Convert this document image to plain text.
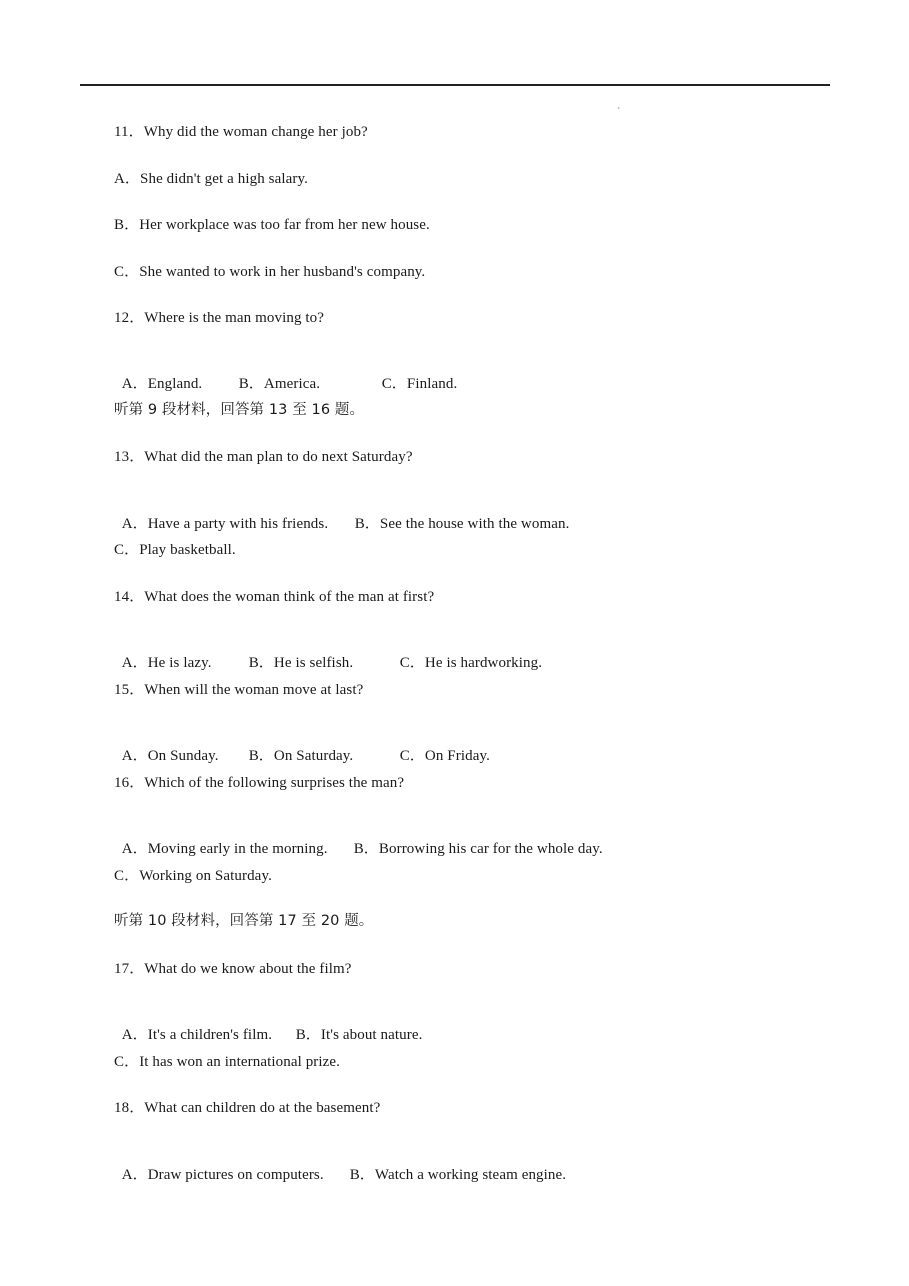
`
11．Why did the woman change her job?
A．She didn't get a high salary.
B．Her workplace was too far from her new house.
C．She wanted to work in her husband's company.
12．Where is the man moving to?

A．England. B．America.	C．Finland.

听第 9 段材料，回答第 13 至 16 题。
13．What did the man plan to do next Saturday?

A．Have a party with his friends. B．See the house with the woman.

C．Play basketball.
14．What does the woman think of the man at first?

A．He is lazy. B．He is selfish.	C．He is hardworking.

15．When will the woman move at last?

A．On Sunday. B．On Saturday.	C．On Friday.

16．Which of the following surprises the man?

A．Moving early in the morning. B．Borrowing his car for the whole day.

C．Working on Saturday.
听第 10 段材料，回答第 17 至 20 题。
17．What do we know about the film?

A．It's a children's film. B．It's about nature.

C．It has won an international prize.
18．What can children do at the basement?

A．Draw pictures on computers. B．Watch a working steam engine.
